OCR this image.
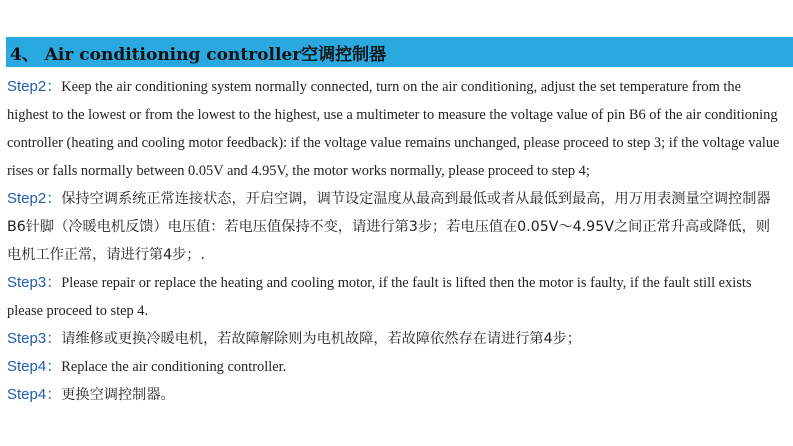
4、 Air conditioning controller空调控制器

Step2：Keep the air conditioning system normally connected, turn on the air conditioning, adjust the set temperature from the highest to the lowest or from the lowest to the highest, use a multimeter to measure the voltage value of pin B6 of the air conditioning controller (heating and cooling motor feedback): if the voltage value remains unchanged, please proceed to step 3; if the voltage value rises or falls normally between 0.05V and 4.95V, the motor works normally, please proceed to step 4;

Step2：保持空调系统正常连接状态，开启空调，调节设定温度从最高到最低或者从最低到最高，用万用表测量空调控制器B6针脚（冷暖电机反馈）电压值：若电压值保持不变，请进行第3步；若电压值在0.05V～4.95V之间正常升高或降低，则电机工作正常，请进行第4步；.

Step3：Please repair or replace the heating and cooling motor, if the fault is lifted then the motor is faulty, if the fault still exists please proceed to step 4.

Step3：请维修或更换冷暖电机，若故障解除则为电机故障，若故障依然存在请进行第4步；

Step4：Replace the air conditioning controller.

Step4：更换空调控制器。
